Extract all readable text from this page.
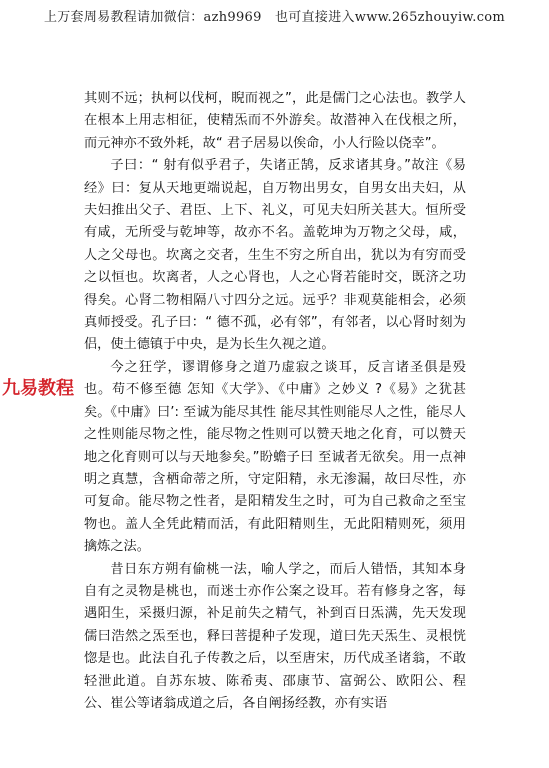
上万套周易教程请加微信：azh9969　也可直接进入www.265zhouyiw.com
九易教程

其则不远；执柯以伐柯，睨而视之”，此是儒门之心法也。教学人在根本上用志相征，使精炁而不外游矣。故潜神入在伐根之所，而元神亦不致外耗，故“ 君子居易以俟命，小人行险以侥幸”。

子曰：“ 射有似乎君子，失诸正鹄，反求诸其身。”故注《易经》曰：复从天地更端说起，自万物出男女，自男女出夫妇，从夫妇推出父子、君臣、上下、礼义，可见夫妇所关甚大。恒所受有咸，无所受与乾坤等，故亦不名。盖乾坤为万物之父母，咸，人之父母也。坎离之交者，生生不穷之所自出，犹以为有穷而受之以恒也。坎离者，人之心肾也，人之心肾若能时交，既济之功得矣。心肾二物相隔八寸四分之远。远乎？非观莫能相会，必须真师授受。孔子曰：“ 德不孤，必有邻”，有邻者，以心肾时刻为侣，使土德镇于中央，是为长生久视之道。

今之狂学，谬谓修身之道乃虚寂之谈耳，反言诸圣俱是殁也。苟不修至德 怎知《大学》、《中庸》之妙义 ?《易》之犹甚矣。《中庸》曰’: 至诚为能尽其性 能尽其性则能尽人之性，能尽人之性则能尽物之性，能尽物之性则可以赞天地之化育，可以赞天地之化育则可以与天地参矣。”盼蟾子曰 至诚者无欲矣。用一点神明之真慧，含栖命蒂之所，守定阳精，永无渗漏，故曰尽性，亦可复命。能尽物之性者，是阳精发生之时，可为自己救命之至宝物也。盖人全凭此精而活，有此阳精则生，无此阳精则死，须用擒炼之法。

昔日东方朔有偷桃一法，喻人学之，而后人错悟，其知本身自有之灵物是桃也，而迷士亦作公案之设耳。若有修身之客，每遇阳生，采摄归源，补足前失之精气，补到百日炁满，先天发现 儒曰浩然之炁至也，释曰菩提种子发现，道曰先天炁生、灵根恍惚是也。此法自孔子传教之后，以至唐宋，历代成圣诸翁，不敢轻泄此道。自苏东坡、陈希夷、邵康节、富弼公、欧阳公、程公、崔公等诸翁成道之后，各自阐扬经教，亦有实语
